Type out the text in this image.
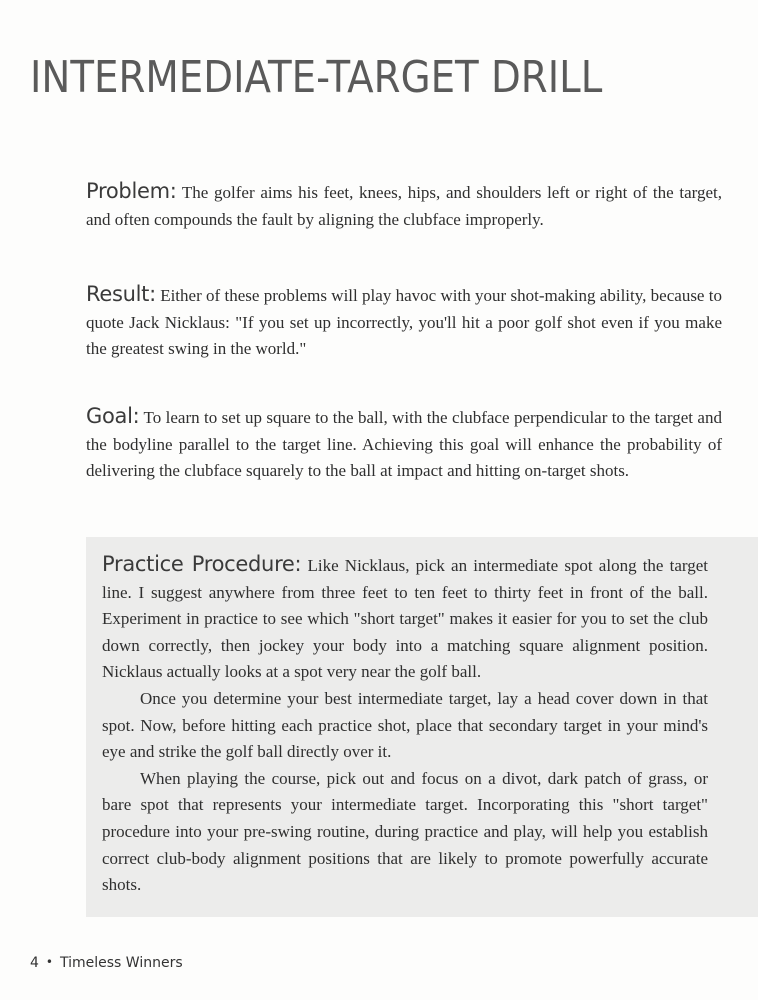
INTERMEDIATE-TARGET DRILL

Problem: The golfer aims his feet, knees, hips, and shoulders left or right of the target, and often compounds the fault by aligning the clubface improperly.

Result: Either of these problems will play havoc with your shot-making ability, because to quote Jack Nicklaus: "If you set up incorrectly, you'll hit a poor golf shot even if you make the greatest swing in the world."

Goal: To learn to set up square to the ball, with the clubface perpendicular to the target and the bodyline parallel to the target line. Achieving this goal will enhance the probability of delivering the clubface squarely to the ball at impact and hitting on-target shots.

Practice Procedure: Like Nicklaus, pick an intermediate spot along the target line. I suggest anywhere from three feet to ten feet to thirty feet in front of the ball. Experiment in practice to see which "short target" makes it easier for you to set the club down correctly, then jockey your body into a matching square alignment position. Nicklaus actually looks at a spot very near the golf ball.

Once you determine your best intermediate target, lay a head cover down in that spot. Now, before hitting each practice shot, place that secondary target in your mind's eye and strike the golf ball directly over it.

When playing the course, pick out and focus on a divot, dark patch of grass, or bare spot that represents your intermediate target. Incorporating this "short target" procedure into your pre-swing routine, during practice and play, will help you establish correct club-body alignment positions that are likely to promote powerfully accurate shots.

4 • Timeless Winners
